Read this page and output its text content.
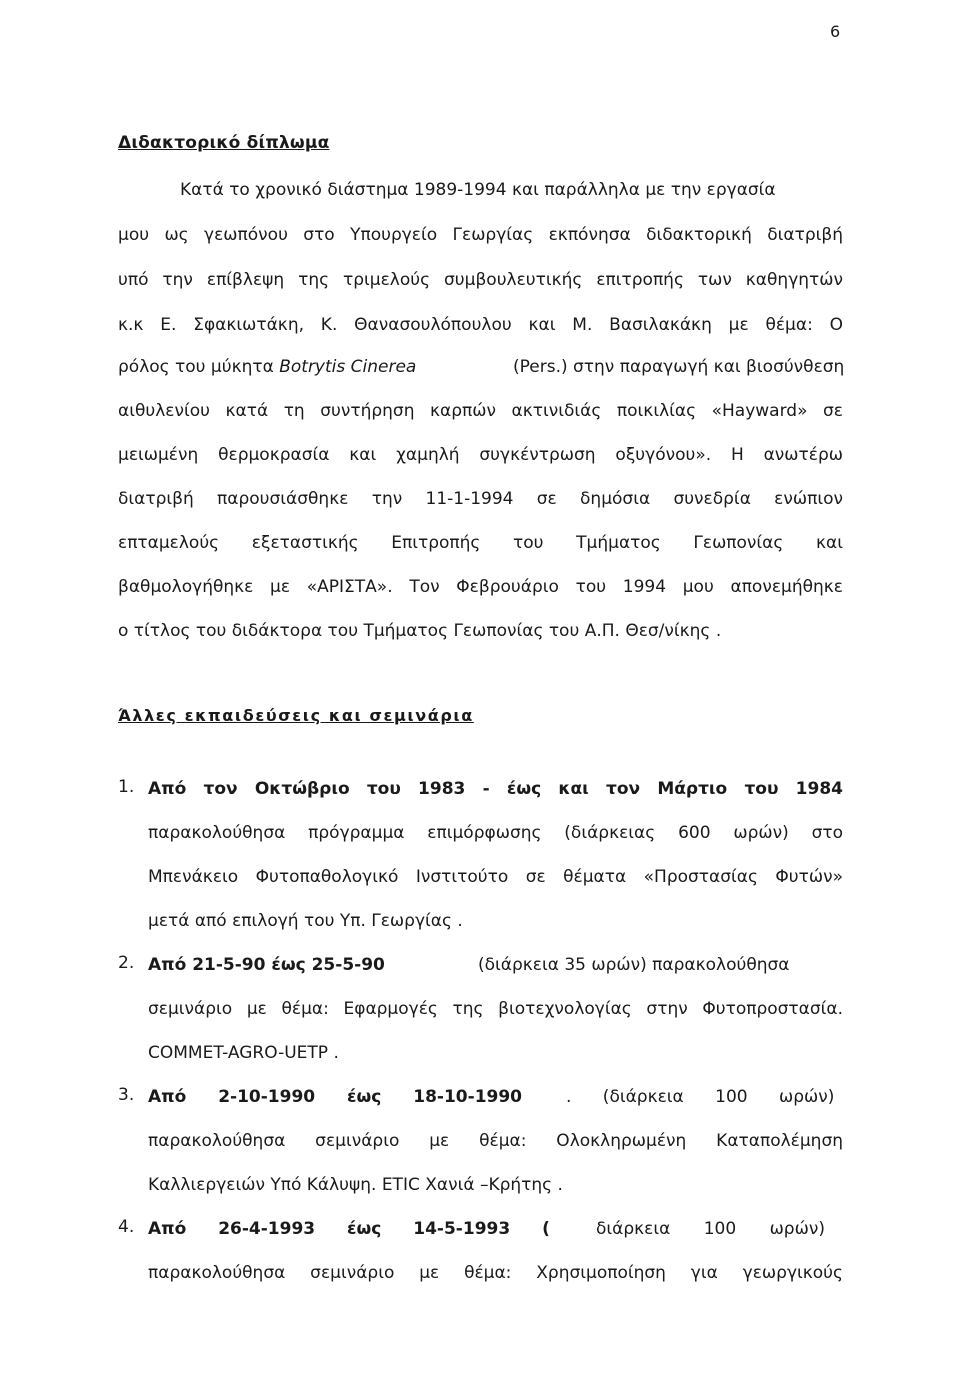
6
Διδακτορικό δίπλωμα
Κατά το χρονικό διάστημα 1989-1994 και παράλληλα με την εργασία
μου ως γεωπόνου στο Υπουργείο Γεωργίας εκπόνησα διδακτορική διατριβή
υπό την επίβλεψη της τριμελούς συμβουλευτικής επιτροπής των καθηγητών
κ.κ Ε. Σφακιωτάκη, Κ. Θανασουλόπουλου και Μ. Βασιλακάκη με θέμα: Ο
ρόλος του μύκητα Botrytis Cinerea	(Pers.) στην παραγωγή και βιοσύνθεση
αιθυλενίου κατά τη συντήρηση καρπών ακτινιδιάς ποικιλίας «Hayward» σε
μειωμένη θερμοκρασία και χαμηλή συγκέντρωση οξυγόνου». Η ανωτέρω
διατριβή παρουσιάσθηκε την 11-1-1994 σε δημόσια συνεδρία ενώπιον
επταμελούς εξεταστικής Επιτροπής του Τμήματος Γεωπονίας και
βαθμολογήθηκε με «ΑΡΙΣΤΑ». Τον Φεβρουάριο του 1994 μου απονεμήθηκε
ο τίτλος του διδάκτορα του Τμήματος Γεωπονίας του Α.Π. Θεσ/νίκης .
Άλλες εκπαιδεύσεις και σεμινάρια
1. Από τον Οκτώβριο του 1983 - έως και τον Μάρτιο του 1984
παρακολούθησα πρόγραμμα επιμόρφωσης (διάρκειας 600 ωρών) στο
Μπενάκειο Φυτοπαθολογικό Ινστιτούτο σε θέματα «Προστασίας Φυτών»
μετά από επιλογή του Υπ. Γεωργίας .
2. Από 21-5-90 έως 25-5-90	(διάρκεια 35 ωρών) παρακολούθησα
σεμινάριο με θέμα: Εφαρμογές της βιοτεχνολογίας στην Φυτοπροστασία.
COMMET-AGRO-UETP .
3. Από 2-10-1990 έως 18-10-1990	. (διάρκεια 100 ωρών)
παρακολούθησα σεμινάριο με θέμα: Ολοκληρωμένη Καταπολέμηση
Καλλιεργειών Υπό Κάλυψη. ETIC Χανιά –Κρήτης .
4. Από 26-4-1993 έως 14-5-1993 (	διάρκεια 100 ωρών)
παρακολούθησα σεμινάριο με θέμα: Χρησιμοποίηση για γεωργικούς
